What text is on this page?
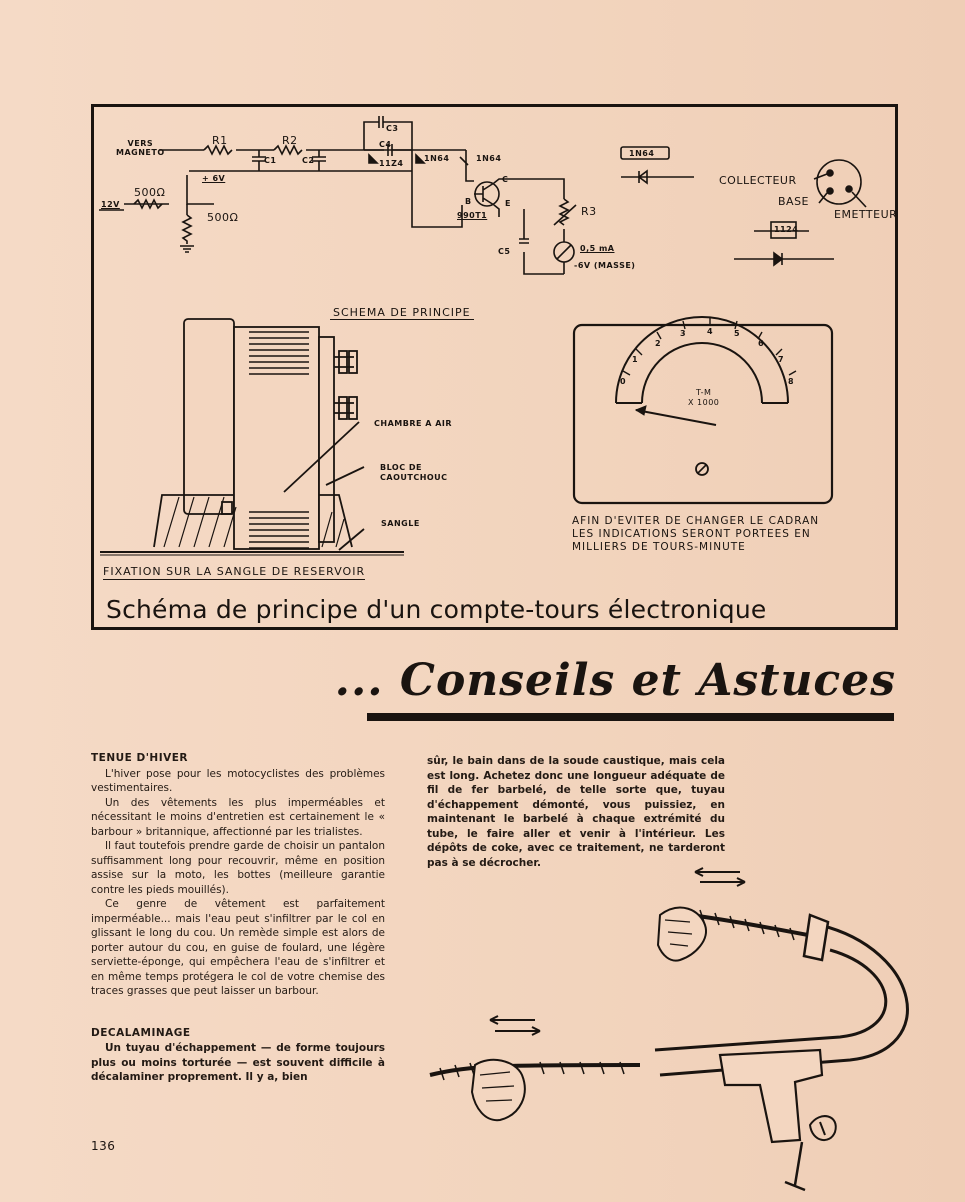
VERS
MAGNETO
R1	R2
C1	C2
C3
C4
11Z4
1N64	1N64
+ 6V
500Ω
500Ω
12V	B
C
E
990T1	R3
C5	0,5 mA
-6V (MASSE)
1N64
1124
COLLECTEUR
BASE
EMETTEUR
SCHEMA DE PRINCIPE
CHAMBRE A AIR
BLOC DE
CAOUTCHOUC
SANGLE
FIXATION SUR LA SANGLE DE RESERVOIR
0
1
2
3	4	5
6
7
8
T-M
X 1000
AFIN D'EVITER DE CHANGER LE CADRAN
LES INDICATIONS SERONT PORTEES EN
MILLIERS DE TOURS-MINUTE
Schéma de principe d'un compte-tours électronique
... Conseils et Astuces
TENUE D'HIVER

L'hiver pose pour les motocyclistes des problèmes vestimentaires.

Un des vêtements les plus imperméables et nécessitant le moins d'entretien est certainement le « barbour » britannique, affectionné par les trialistes.

Il faut toutefois prendre garde de choisir un pantalon suffisamment long pour recouvrir, même en position assise sur la moto, les bottes (meilleure garantie contre les pieds mouillés).

Ce genre de vêtement est parfaitement imperméable... mais l'eau peut s'infiltrer par le col en glissant le long du cou. Un remède simple est alors de porter autour du cou, en guise de foulard, une légère serviette-éponge, qui empêchera l'eau de s'infiltrer et en même temps protégera le col de votre chemise des traces grasses que peut laisser un barbour.

DECALAMINAGE

Un tuyau d'échappement — de forme toujours plus ou moins torturée — est souvent difficile à décalaminer proprement. Il y a, bien

sûr, le bain dans de la soude caustique, mais cela est long. Achetez donc une longueur adéquate de fil de fer barbelé, de telle sorte que, tuyau d'échappement démonté, vous puissiez, en maintenant le barbelé à chaque extrémité du tube, le faire aller et venir à l'intérieur. Les dépôts de coke, avec ce traitement, ne tarderont pas à se décrocher.
136
